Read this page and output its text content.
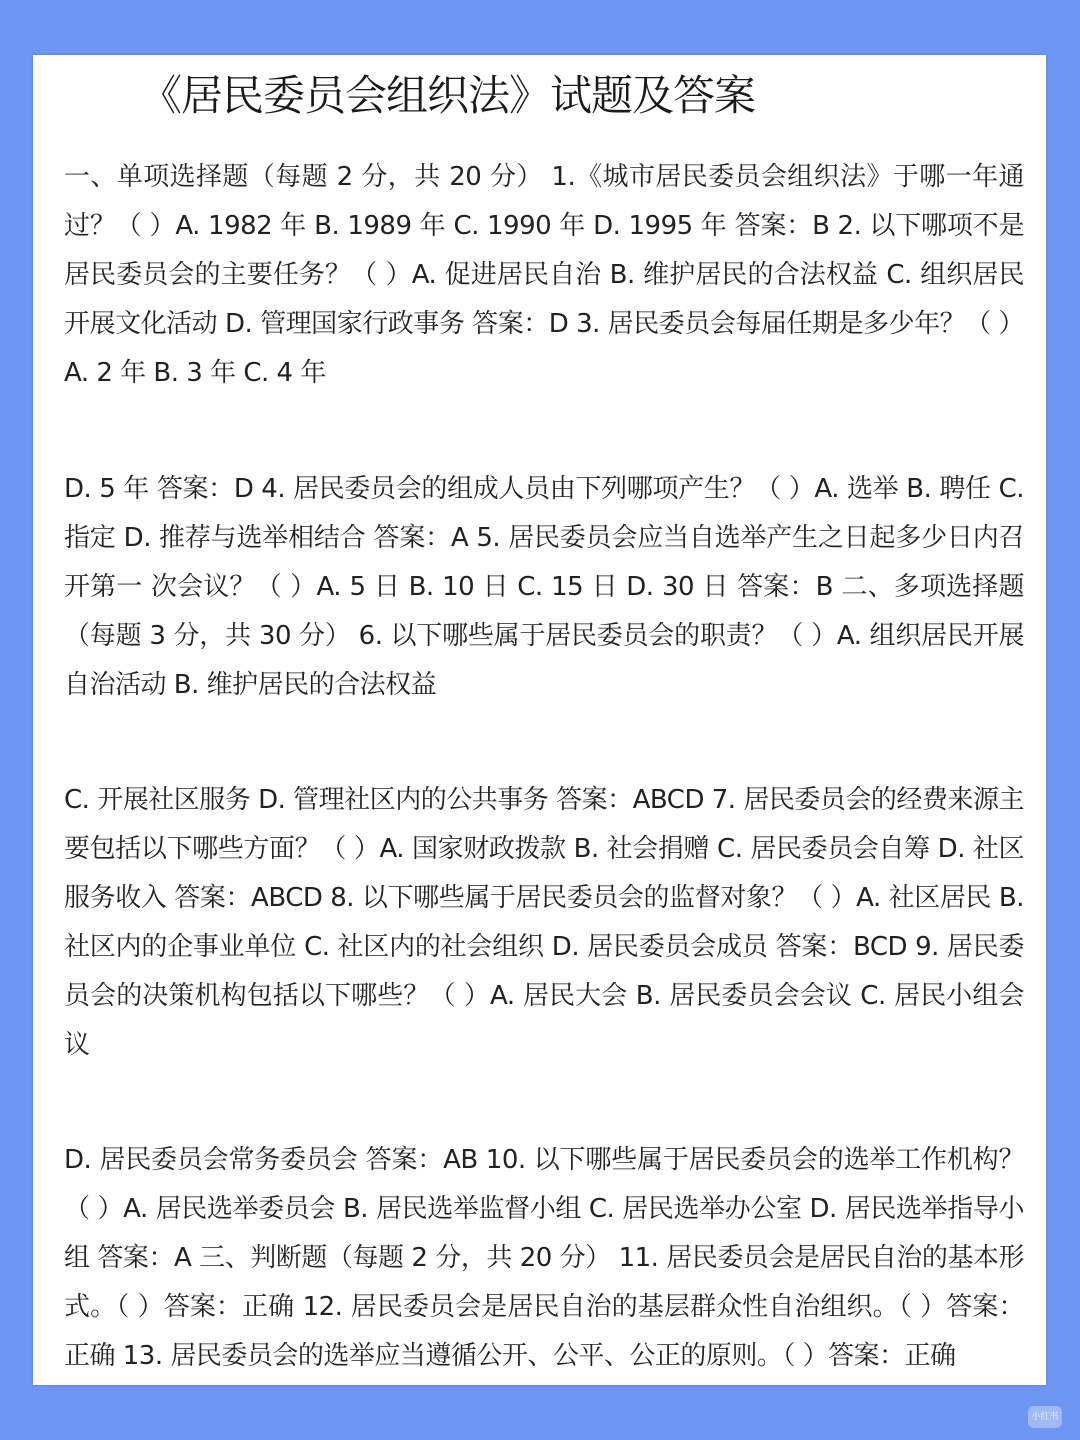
《居民委员会组织法》试题及答案
一、单项选择题（每题 2 分，共 20 分） 1.《城市居民委员会组织法》于哪一年通过？（ ）A. 1982 年 B. 1989 年 C. 1990 年 D. 1995 年 答案：B 2. 以下哪项不是居民委员会的主要任务？（ ）A. 促进居民自治 B. 维护居民的合法权益 C. 组织居民开展文化活动 D. 管理国家行政事务 答案：D 3. 居民委员会每届任期是多少年？（ ）A. 2 年 B. 3 年 C. 4 年
D. 5 年 答案：D 4. 居民委员会的组成人员由下列哪项产生？（ ）A. 选举 B. 聘任 C. 指定 D. 推荐与选举相结合 答案：A 5. 居民委员会应当自选举产生之日起多少日内召开第一 次会议？（ ）A. 5 日 B. 10 日 C. 15 日 D. 30 日 答案：B 二、多项选择题（每题 3 分，共 30 分） 6. 以下哪些属于居民委员会的职责？（ ）A. 组织居民开展自治活动 B. 维护居民的合法权益
C. 开展社区服务 D. 管理社区内的公共事务 答案：ABCD 7. 居民委员会的经费来源主要包括以下哪些方面？（ ）A. 国家财政拨款 B. 社会捐赠 C. 居民委员会自筹 D. 社区服务收入 答案：ABCD 8. 以下哪些属于居民委员会的监督对象？（ ）A. 社区居民 B. 社区内的企事业单位 C. 社区内的社会组织 D. 居民委员会成员 答案：BCD 9. 居民委员会的决策机构包括以下哪些？（ ）A. 居民大会 B. 居民委员会会议 C. 居民小组会议
D. 居民委员会常务委员会 答案：AB 10. 以下哪些属于居民委员会的选举工作机构？（ ）A. 居民选举委员会 B. 居民选举监督小组 C. 居民选举办公室 D. 居民选举指导小组 答案：A 三、判断题（每题 2 分，共 20 分） 11. 居民委员会是居民自治的基本形式。（ ）答案：正确 12. 居民委员会是居民自治的基层群众性自治组织。（ ）答案：正确 13. 居民委员会的选举应当遵循公开、公平、公正的原则。（ ）答案：正确
小红书
